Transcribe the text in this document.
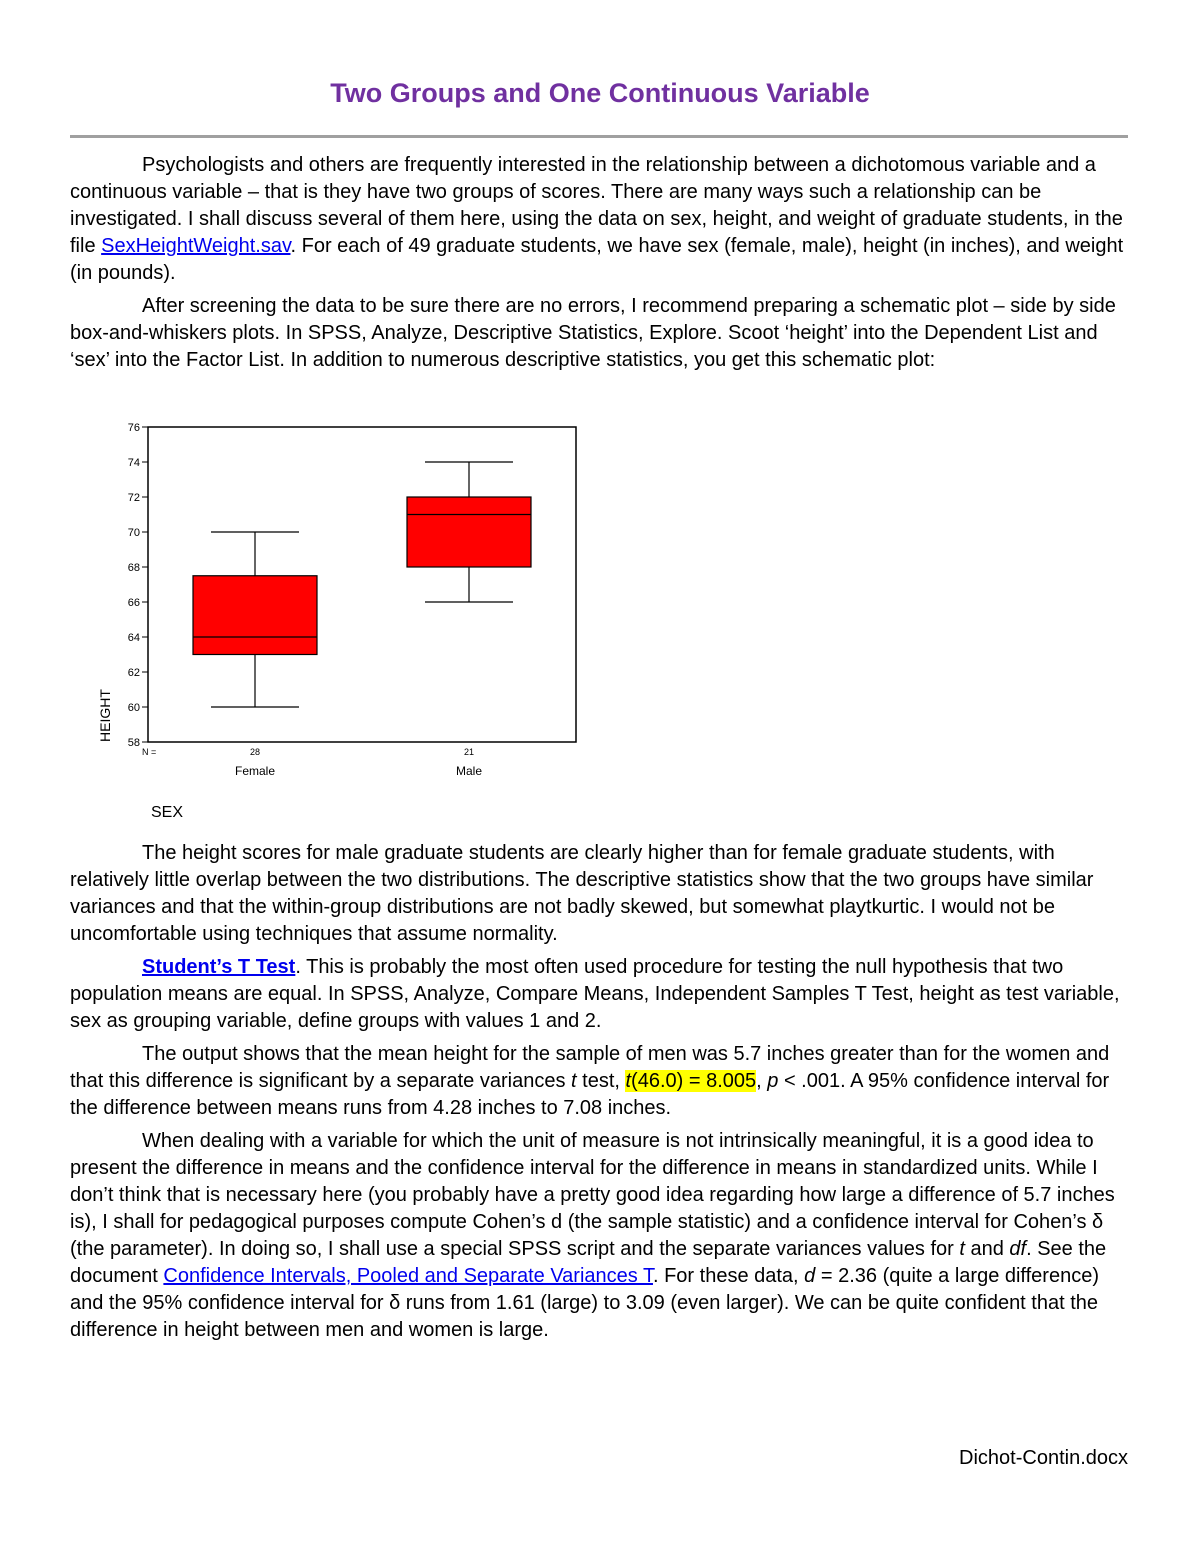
Two Groups and One Continuous Variable

Psychologists and others are frequently interested in the relationship between a dichotomous variable and a continuous variable – that is they have two groups of scores. There are many ways such a relationship can be investigated. I shall discuss several of them here, using the data on sex, height, and weight of graduate students, in the file SexHeightWeight.sav. For each of 49 graduate students, we have sex (female, male), height (in inches), and weight (in pounds).

After screening the data to be sure there are no errors, I recommend preparing a schematic plot – side by side box-and-whiskers plots. In SPSS, Analyze, Descriptive Statistics, Explore. Scoot ‘height’ into the Dependent List and ‘sex’ into the Factor List. In addition to numerous descriptive statistics, you get this schematic plot:

58
60
62
64
66
68
70
72
74
76
HEIGHT
N =	28
Female
21
Male
SEX

The height scores for male graduate students are clearly higher than for female graduate students, with relatively little overlap between the two distributions. The descriptive statistics show that the two groups have similar variances and that the within-group distributions are not badly skewed, but somewhat playtkurtic. I would not be uncomfortable using techniques that assume normality.

Student’s T Test. This is probably the most often used procedure for testing the null hypothesis that two population means are equal. In SPSS, Analyze, Compare Means, Independent Samples T Test, height as test variable, sex as grouping variable, define groups with values 1 and 2.

The output shows that the mean height for the sample of men was 5.7 inches greater than for the women and that this difference is significant by a separate variances t test, t(46.0) = 8.005, p < .001. A 95% confidence interval for the difference between means runs from 4.28 inches to 7.08 inches.

When dealing with a variable for which the unit of measure is not intrinsically meaningful, it is a good idea to present the difference in means and the confidence interval for the difference in means in standardized units. While I don’t think that is necessary here (you probably have a pretty good idea regarding how large a difference of 5.7 inches is), I shall for pedagogical purposes compute Cohen’s d (the sample statistic) and a confidence interval for Cohen’s δ (the parameter). In doing so, I shall use a special SPSS script and the separate variances values for t and df. See the document Confidence Intervals, Pooled and Separate Variances T. For these data, d = 2.36 (quite a large difference) and the 95% confidence interval for δ runs from 1.61 (large) to 3.09 (even larger). We can be quite confident that the difference in height between men and women is large.

Dichot-Contin.docx
